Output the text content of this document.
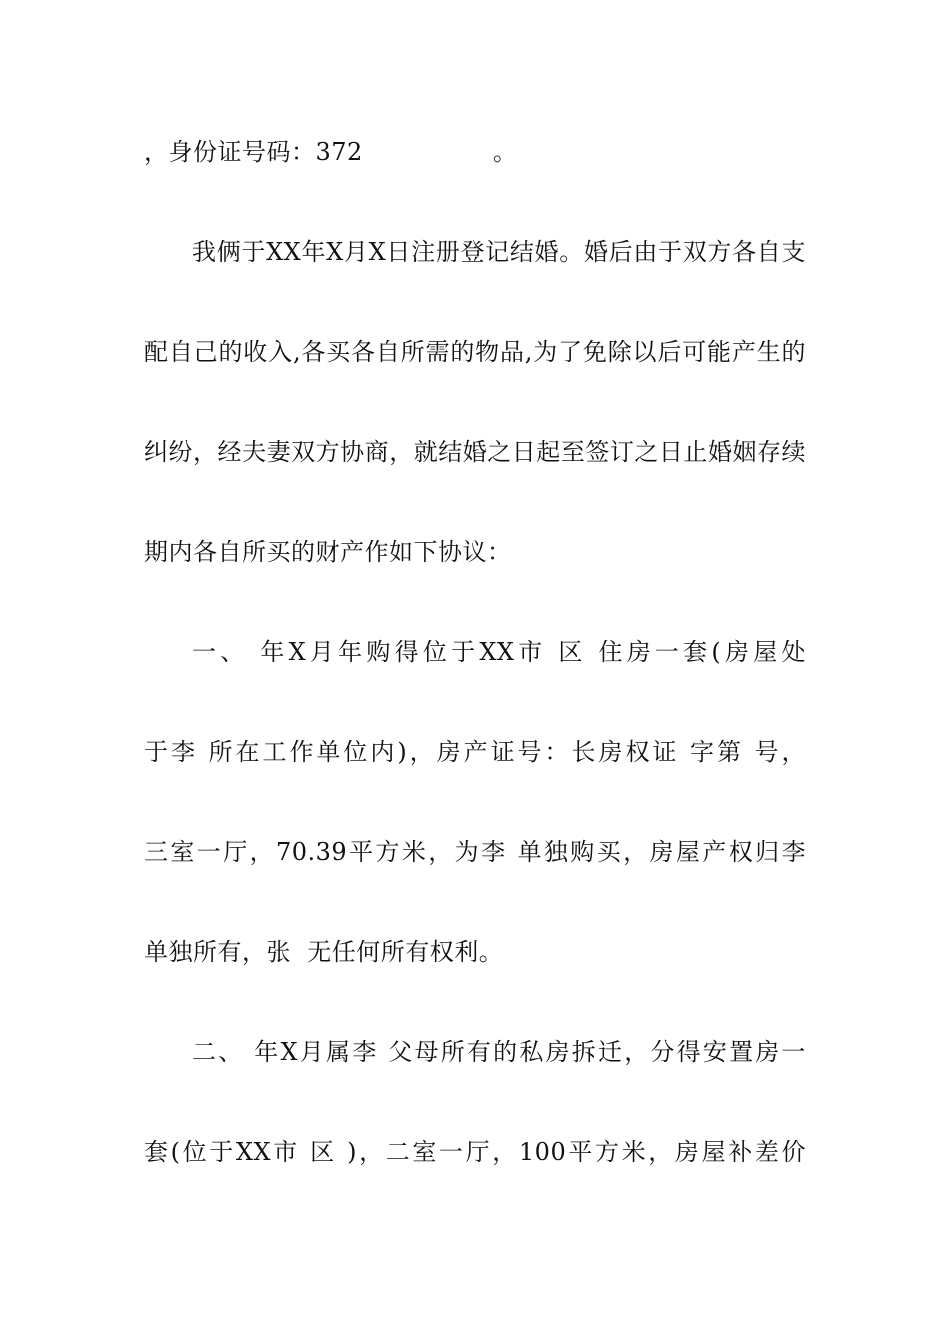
，身份证号码：372                。
我俩于XX年X月X日注册登记结婚。婚后由于双方各自支
配自己的收入,各买各自所需的物品,为了免除以后可能产生的
纠纷，经夫妻双方协商，就结婚之日起至签订之日止婚姻存续
期内各自所买的财产作如下协议：
一、 年X月年购得位于XX市 区 住房一套(房屋处
于李 所在工作单位内)，房产证号：长房权证 字第 号，
三室一厅，70.39平方米，为李 单独购买，房屋产权归李
单独所有，张  无任何所有权利。
二、 年X月属李 父母所有的私房拆迁，分得安置房一
套(位于XX市 区 )，二室一厅，100平方米，房屋补差价
